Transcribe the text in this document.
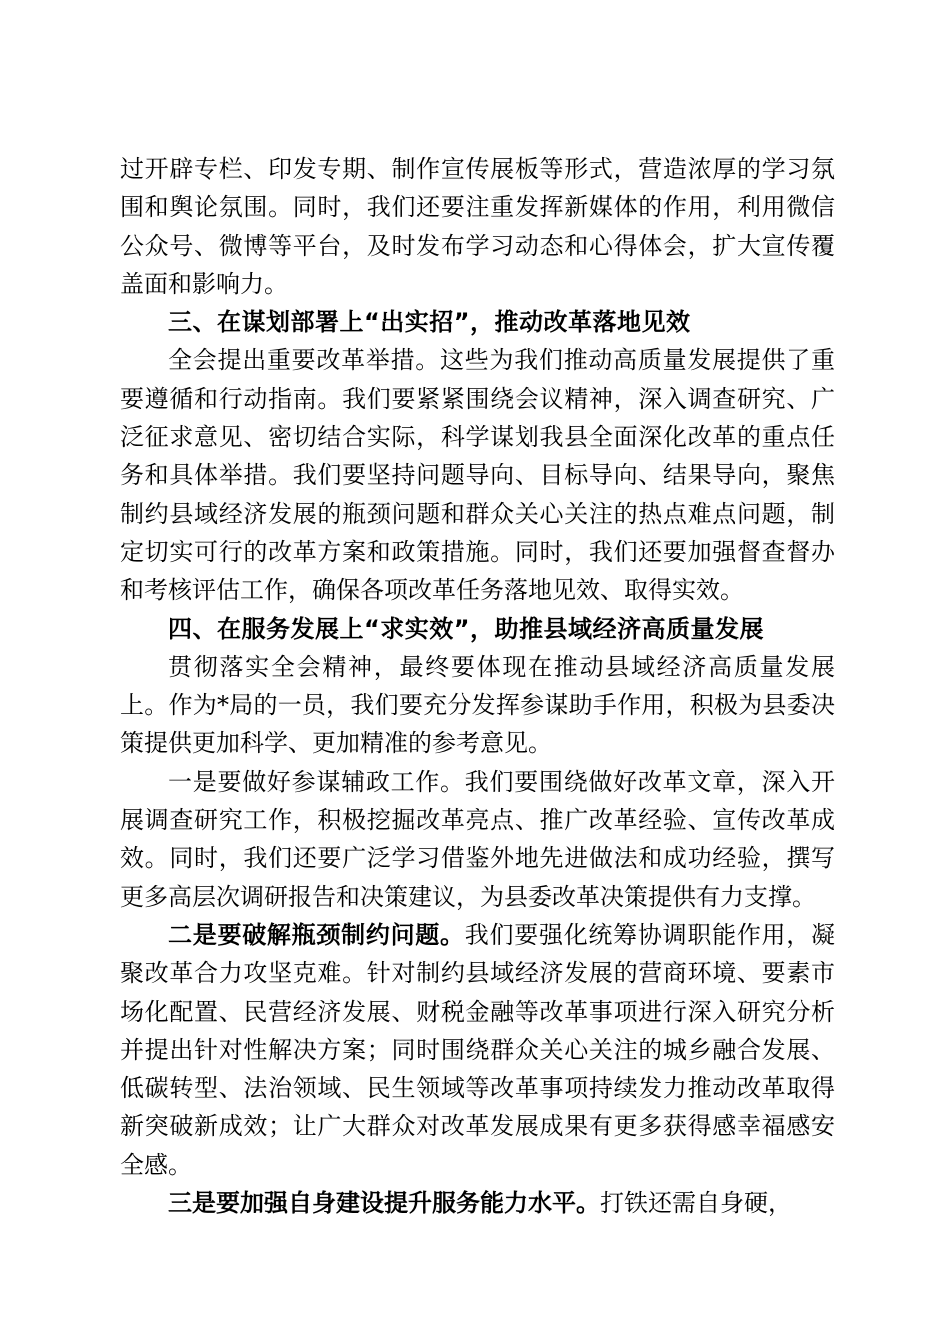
过开辟专栏、印发专期、制作宣传展板等形式，营造浓厚的学习氛围和舆论氛围。同时，我们还要注重发挥新媒体的作用，利用微信公众号、微博等平台，及时发布学习动态和心得体会，扩大宣传覆盖面和影响力。

三、在谋划部署上“出实招”，推动改革落地见效

全会提出重要改革举措。这些为我们推动高质量发展提供了重要遵循和行动指南。我们要紧紧围绕会议精神，深入调查研究、广泛征求意见、密切结合实际，科学谋划我县全面深化改革的重点任务和具体举措。我们要坚持问题导向、目标导向、结果导向，聚焦制约县域经济发展的瓶颈问题和群众关心关注的热点难点问题，制定切实可行的改革方案和政策措施。同时，我们还要加强督查督办和考核评估工作，确保各项改革任务落地见效、取得实效。

四、在服务发展上“求实效”，助推县域经济高质量发展

贯彻落实全会精神，最终要体现在推动县域经济高质量发展上。作为*局的一员，我们要充分发挥参谋助手作用，积极为县委决策提供更加科学、更加精准的参考意见。

一是要做好参谋辅政工作。我们要围绕做好改革文章，深入开展调查研究工作，积极挖掘改革亮点、推广改革经验、宣传改革成效。同时，我们还要广泛学习借鉴外地先进做法和成功经验，撰写更多高层次调研报告和决策建议，为县委改革决策提供有力支撑。

二是要破解瓶颈制约问题。我们要强化统筹协调职能作用，凝聚改革合力攻坚克难。针对制约县域经济发展的营商环境、要素市场化配置、民营经济发展、财税金融等改革事项进行深入研究分析并提出针对性解决方案；同时围绕群众关心关注的城乡融合发展、低碳转型、法治领域、民生领域等改革事项持续发力推动改革取得新突破新成效；让广大群众对改革发展成果有更多获得感幸福感安全感。

三是要加强自身建设提升服务能力水平。打铁还需自身硬，
